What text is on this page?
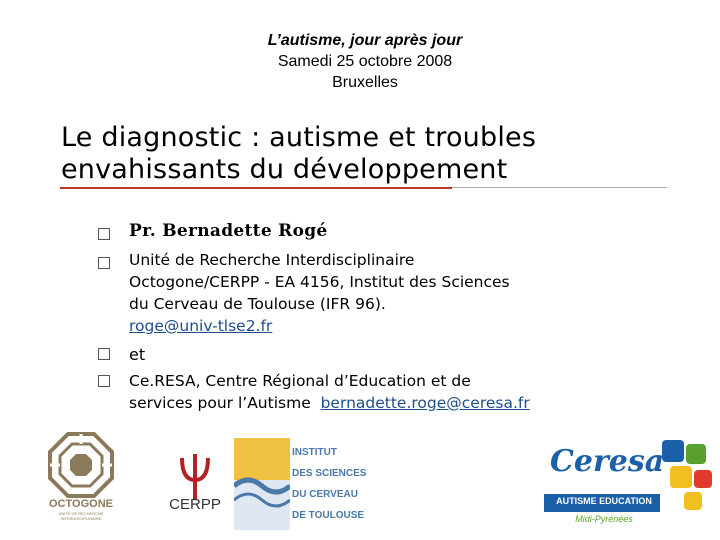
L’autisme, jour après jour
Samedi 25 octobre 2008
Bruxelles
Le diagnostic : autisme et troubles
envahissants du développement
Pr. Bernadette Rogé
Unité de Recherche Interdisciplinaire
Octogone/CERPP - EA 4156, Institut des Sciences
du Cerveau de Toulouse (IFR 96).
roge@univ-tlse2.fr
et
Ce.RESA, Centre Régional d’Education et de
services pour l’Autisme bernadette.roge@ceresa.fr
OCTOGONE
UNITÉ DE RECHERCHE INTERDISCIPLINAIRE
CERPP
INSTITUT
DES SCIENCES
DU CERVEAU
DE TOULOUSE
Ceresa
AUTISME EDUCATION
Midi-Pyrénées
